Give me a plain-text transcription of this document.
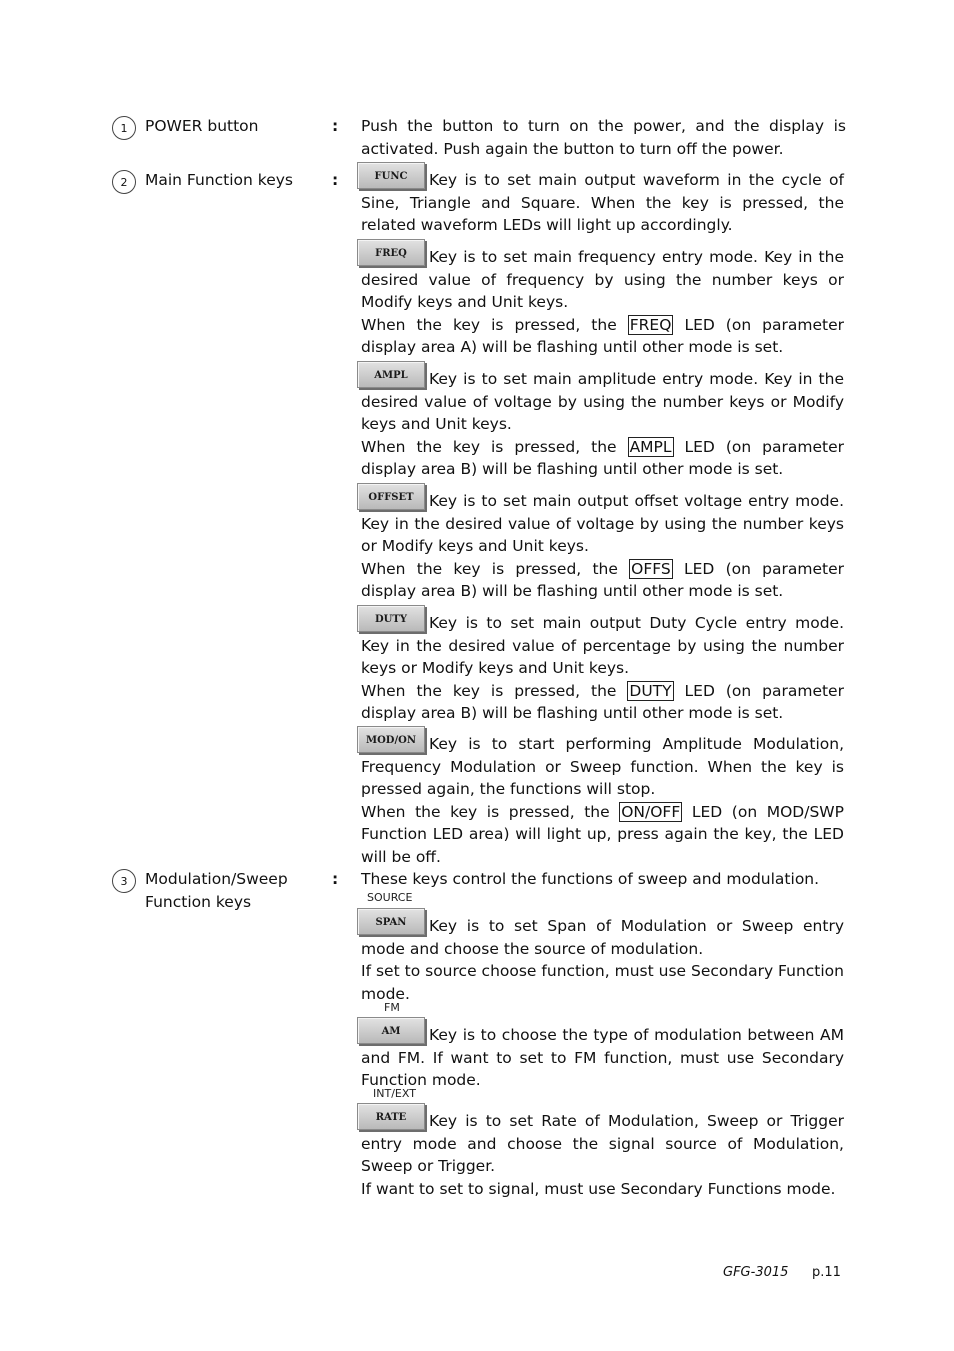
1	POWER button	: Push the button to turn on the power, and the display is activated. Push again the button to turn off the power.

2	Main Function keys	:	FUNC	Key is to set main output waveform in the cycle of Sine, Triangle and Square. When the key is pressed, the related waveform LEDs will light up accordingly.

FREQ	Key is to set main frequency entry mode. Key in the desired value of frequency by using the number keys or Modify keys and Unit keys.

When the key is pressed, the FREQ LED (on parameter display area A) will be flashing until other mode is set.

AMPL	Key is to set main amplitude entry mode. Key in the desired value of voltage by using the number keys or Modify keys and Unit keys.

When the key is pressed, the AMPL LED (on parameter display area B) will be flashing until other mode is set.

OFFSET Key is to set main output offset voltage entry mode. Key in the desired value of voltage by using the number keys or Modify keys and Unit keys.

When the key is pressed, the OFFS LED (on parameter display area B) will be flashing until other mode is set.

DUTY	Key is to set main output Duty Cycle entry mode. Key in the desired value of percentage by using the number keys or Modify keys and Unit keys.

When the key is pressed, the DUTY LED (on parameter display area B) will be flashing until other mode is set.

MOD/ON Key is to start performing Amplitude Modulation, Frequency Modulation or Sweep function. When the key is pressed again, the functions will stop.

When the key is pressed, the ON/OFF LED (on MOD/SWP Function LED area) will light up, press again the key, the LED will be off.

3	Modulation/Sweep Function keys
: These keys control the functions of sweep and modulation.

SOURCE

SPAN	Key is to set Span of Modulation or Sweep entry mode and choose the source of modulation.

If set to source choose function, must use Secondary Function mode.

FM

AM	Key is to choose the type of modulation between AM and FM. If want to set to FM function, must use Secondary Function mode.

INT/EXT

RATE	Key is to set Rate of Modulation, Sweep or Trigger entry mode and choose the signal source of Modulation, Sweep or Trigger.

If want to set to signal, must use Secondary Functions mode.

GFG-3015 p.11
